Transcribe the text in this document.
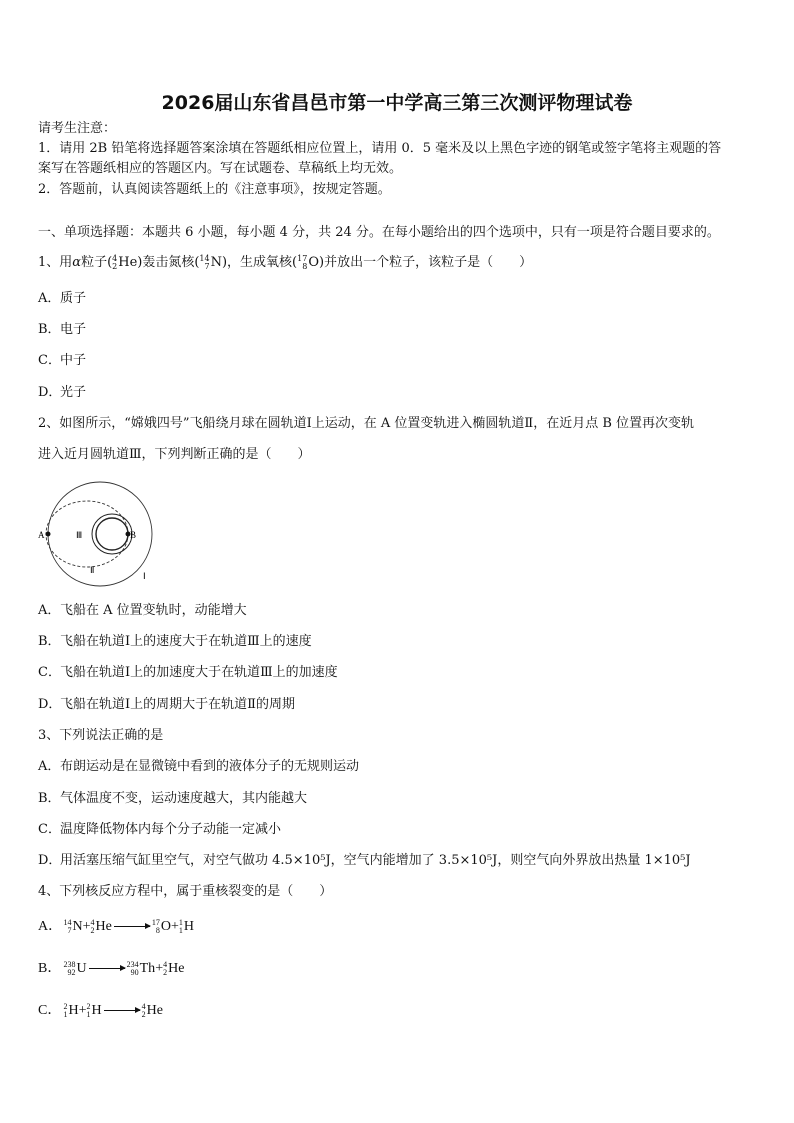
2026届山东省昌邑市第一中学高三第三次测评物理试卷
请考生注意：
1．请用 2B 铅笔将选择题答案涂填在答题纸相应位置上，请用 0．5 毫米及以上黑色字迹的钢笔或签字笔将主观题的答
案写在答题纸相应的答题区内。写在试题卷、草稿纸上均无效。
2．答题前，认真阅读答题纸上的《注意事项》，按规定答题。
一、单项选择题：本题共 6 小题，每小题 4 分，共 24 分。在每小题给出的四个选项中，只有一项是符合题目要求的。
1、用α粒子( 4
2 He)轰击氮核( 14
7 N)，生成氧核( 17
8 O)并放出一个粒子，该粒子是（　　）
A．质子
B．电子
C．中子
D．光子
2、如图所示，“嫦娥四号”飞船绕月球在圆轨道Ⅰ上运动，在 A 位置变轨进入椭圆轨道Ⅱ，在近月点 B 位置再次变轨
进入近月圆轨道Ⅲ，下列判断正确的是（　　）
A	B
Ⅲ
Ⅱ
Ⅰ
A．飞船在 A 位置变轨时，动能增大
B．飞船在轨道Ⅰ上的速度大于在轨道Ⅲ上的速度
C．飞船在轨道Ⅰ上的加速度大于在轨道Ⅲ上的加速度
D．飞船在轨道Ⅰ上的周期大于在轨道Ⅱ的周期
3、下列说法正确的是
A．布朗运动是在显微镜中看到的液体分子的无规则运动
B．气体温度不变，运动速度越大，其内能越大
C．温度降低物体内每个分子动能一定减小
D．用活塞压缩气缸里空气，对空气做功 4.5×10⁵J，空气内能增加了 3.5×10⁵J，则空气向外界放出热量 1×10⁵J
4、下列核反应方程中，属于重核裂变的是（　　）
A． 14
7 N+ 4
2 He → 17
8 O+ 1
1 H
B． 238
92 U → 234
90 Th+ 4
2 He
C． 2
1 H+ 2
1 H → 4
2 He
